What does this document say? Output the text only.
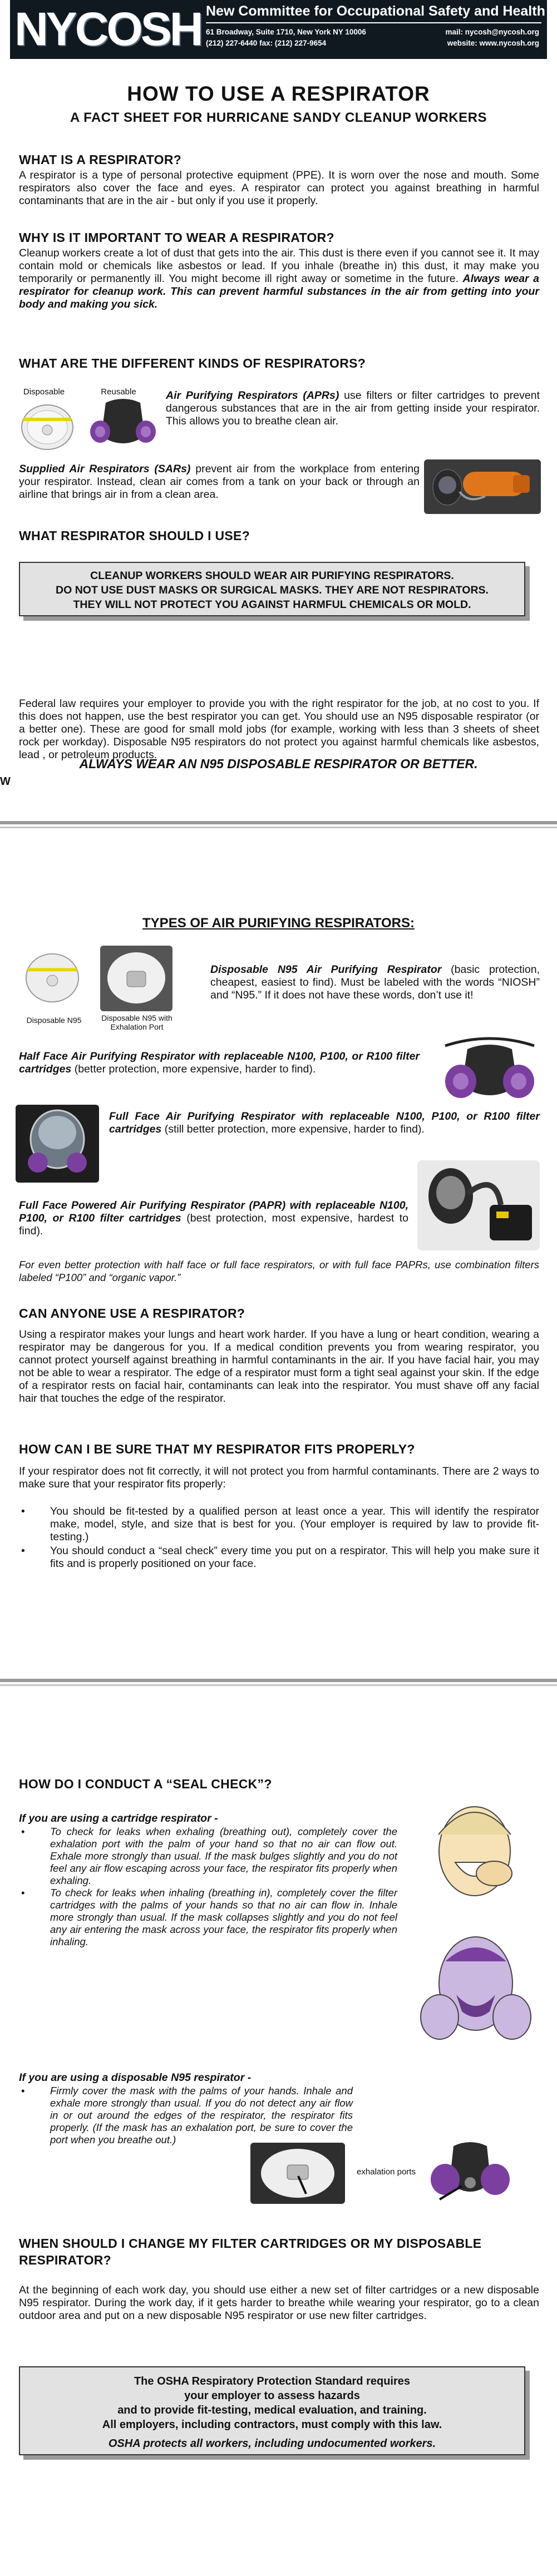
NYCOSH New Committee for Occupational Safety and Health
61 Broadway, Suite 1710, New York NY 10006
(212) 227-6440 fax: (212) 227-9654
mail: nycosh@nycosh.org
website: www.nycosh.org
HOW TO USE A RESPIRATOR
A FACT SHEET FOR HURRICANE SANDY CLEANUP WORKERS
WHAT IS A RESPIRATOR?

A respirator is a type of personal protective equipment (PPE). It is worn over the nose and mouth. Some respirators also cover the face and eyes. A respirator can protect you against breathing in harmful contaminants that are in the air - but only if you use it properly.

WHY IS IT IMPORTANT TO WEAR A RESPIRATOR?

Cleanup workers create a lot of dust that gets into the air. This dust is there even if you cannot see it. It may contain mold or chemicals like asbestos or lead. If you inhale (breathe in) this dust, it may make you temporarily or permanently ill. You might become ill right away or sometime in the future. Always wear a respirator for cleanup work. This can prevent harmful substances in the air from getting into your body and making you sick.

WHAT ARE THE DIFFERENT KINDS OF RESPIRATORS?
Disposable	Reusable	Air Purifying Respirators (APRs) use filters or filter cartridges to prevent dangerous substances that are in the air from getting inside your respirator. This allows you to breathe clean air.

Supplied Air Respirators (SARs) prevent air from the workplace from entering your respirator. Instead, clean air comes from a tank on your back or through an airline that brings air in from a clean area.

WHAT RESPIRATOR SHOULD I USE?
CLEANUP WORKERS SHOULD WEAR AIR PURIFYING RESPIRATORS.
DO NOT USE DUST MASKS OR SURGICAL MASKS. THEY ARE NOT RESPIRATORS.
THEY WILL NOT PROTECT YOU AGAINST HARMFUL CHEMICALS OR MOLD.

Federal law requires your employer to provide you with the right respirator for the job, at no cost to you. If this does not happen, use the best respirator you can get. You should use an N95 disposable respirator (or a better one). These are good for small mold jobs (for example, working with less than 3 sheets of sheet rock per workday). Disposable N95 respirators do not protect you against harmful chemicals like asbestos, lead , or petroleum products.

ALWAYS WEAR AN N95 DISPOSABLE RESPIRATOR OR BETTER.
W
TYPES OF AIR PURIFYING RESPIRATORS:
Disposable N95	Disposable N95 with Exhalation Port

Disposable N95 Air Purifying Respirator (basic protection, cheapest, easiest to find). Must be labeled with the words “NIOSH” and “N95.” If it does not have these words, don’t use it!

Half Face Air Purifying Respirator with replaceable N100, P100, or R100 filter cartridges (better protection, more expensive, harder to find).

Full Face Air Purifying Respirator with replaceable N100, P100, or R100 filter cartridges (still better protection, more expensive, harder to find).

Full Face Powered Air Purifying Respirator (PAPR) with replaceable N100, P100, or R100 filter cartridges (best protection, most expensive, hardest to find).

For even better protection with half face or full face respirators, or with full face PAPRs, use combination filters labeled “P100” and “organic vapor.”

CAN ANYONE USE A RESPIRATOR?

Using a respirator makes your lungs and heart work harder. If you have a lung or heart condition, wearing a respirator may be dangerous for you. If a medical condition prevents you from wearing respirator, you cannot protect yourself against breathing in harmful contaminants in the air. If you have facial hair, you may not be able to wear a respirator. The edge of a respirator must form a tight seal against your skin. If the edge of a respirator rests on facial hair, contaminants can leak into the respirator. You must shave off any facial hair that touches the edge of the respirator.

HOW CAN I BE SURE THAT MY RESPIRATOR FITS PROPERLY?

If your respirator does not fit correctly, it will not protect you from harmful contaminants. There are 2 ways to make sure that your respirator fits properly:

• You should be fit-tested by a qualified person at least once a year. This will identify the respirator make, model, style, and size that is best for you. (Your employer is required by law to provide fit-testing.)
• You should conduct a “seal check” every time you put on a respirator. This will help you make sure it fits and is properly positioned on your face.
HOW DO I CONDUCT A “SEAL CHECK”?
If you are using a cartridge respirator -
• To check for leaks when exhaling (breathing out), completely cover the exhalation port with the palm of your hand so that no air can flow out. Exhale more strongly than usual. If the mask bulges slightly and you do not feel any air flow escaping across your face, the respirator fits properly when exhaling.
• To check for leaks when inhaling (breathing in), completely cover the filter cartridges with the palms of your hands so that no air can flow in. Inhale more strongly than usual. If the mask collapses slightly and you do not feel any air entering the mask across your face, the respirator fits properly when inhaling.
If you are using a disposable N95 respirator -
• Firmly cover the mask with the palms of your hands. Inhale and exhale more strongly than usual. If you do not detect any air flow in or out around the edges of the respirator, the respirator fits properly. (If the mask has an exhalation port, be sure to cover the port when you breathe out.)
exhalation ports
WHEN SHOULD I CHANGE MY FILTER CARTRIDGES OR MY DISPOSABLE RESPIRATOR?

At the beginning of each work day, you should use either a new set of filter cartridges or a new disposable N95 respirator. During the work day, if it gets harder to breathe while wearing your respirator, go to a clean outdoor area and put on a new disposable N95 respirator or use new filter cartridges.

The OSHA Respiratory Protection Standard requires
your employer to assess hazards
and to provide fit-testing, medical evaluation, and training.
All employers, including contractors, must comply with this law.
OSHA protects all workers, including undocumented workers.
